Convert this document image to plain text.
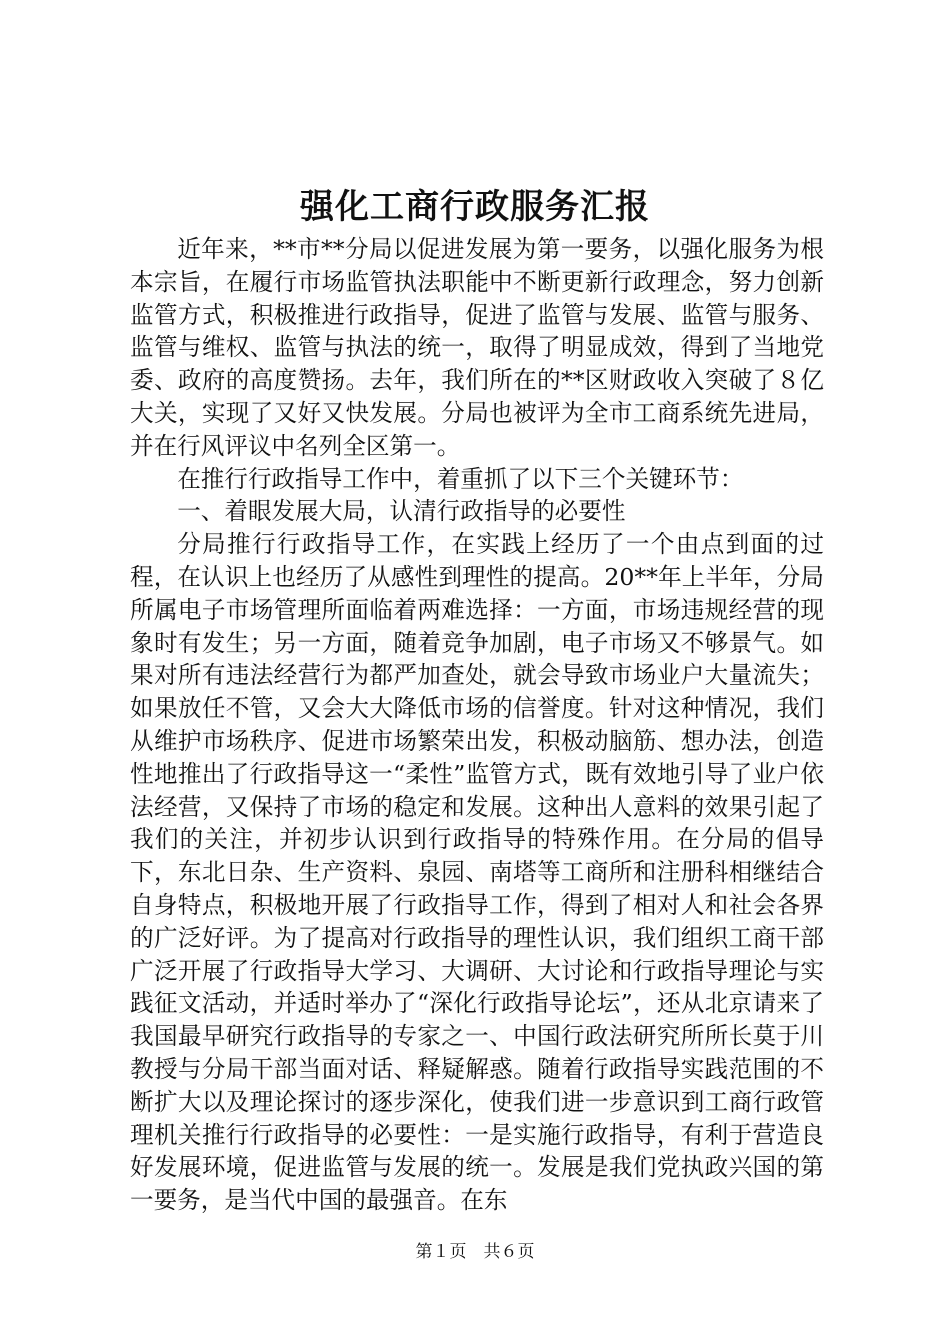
强化工商行政服务汇报

近年来，**市**分局以促进发展为第一要务，以强化服务为根本宗旨，在履行市场监管执法职能中不断更新行政理念，努力创新监管方式，积极推进行政指导，促进了监管与发展、监管与服务、监管与维权、监管与执法的统一，取得了明显成效，得到了当地党委、政府的高度赞扬。去年，我们所在的**区财政收入突破了８亿大关，实现了又好又快发展。分局也被评为全市工商系统先进局，并在行风评议中名列全区第一。

在推行行政指导工作中，着重抓了以下三个关键环节：

一、着眼发展大局，认清行政指导的必要性

分局推行行政指导工作，在实践上经历了一个由点到面的过程，在认识上也经历了从感性到理性的提高。20**年上半年，分局所属电子市场管理所面临着两难选择：一方面，市场违规经营的现象时有发生；另一方面，随着竞争加剧，电子市场又不够景气。如果对所有违法经营行为都严加查处，就会导致市场业户大量流失；如果放任不管，又会大大降低市场的信誉度。针对这种情况，我们从维护市场秩序、促进市场繁荣出发，积极动脑筋、想办法，创造性地推出了行政指导这一“柔性”监管方式，既有效地引导了业户依法经营，又保持了市场的稳定和发展。这种出人意料的效果引起了我们的关注，并初步认识到行政指导的特殊作用。在分局的倡导下，东北日杂、生产资料、泉园、南塔等工商所和注册科相继结合自身特点，积极地开展了行政指导工作，得到了相对人和社会各界的广泛好评。为了提高对行政指导的理性认识，我们组织工商干部广泛开展了行政指导大学习、大调研、大讨论和行政指导理论与实践征文活动，并适时举办了“深化行政指导论坛”，还从北京请来了我国最早研究行政指导的专家之一、中国行政法研究所所长莫于川教授与分局干部当面对话、释疑解惑。随着行政指导实践范围的不断扩大以及理论探讨的逐步深化，使我们进一步意识到工商行政管理机关推行行政指导的必要性：一是实施行政指导，有利于营造良好发展环境，促进监管与发展的统一。发展是我们党执政兴国的第一要务，是当代中国的最强音。在东

第１页　共６页
